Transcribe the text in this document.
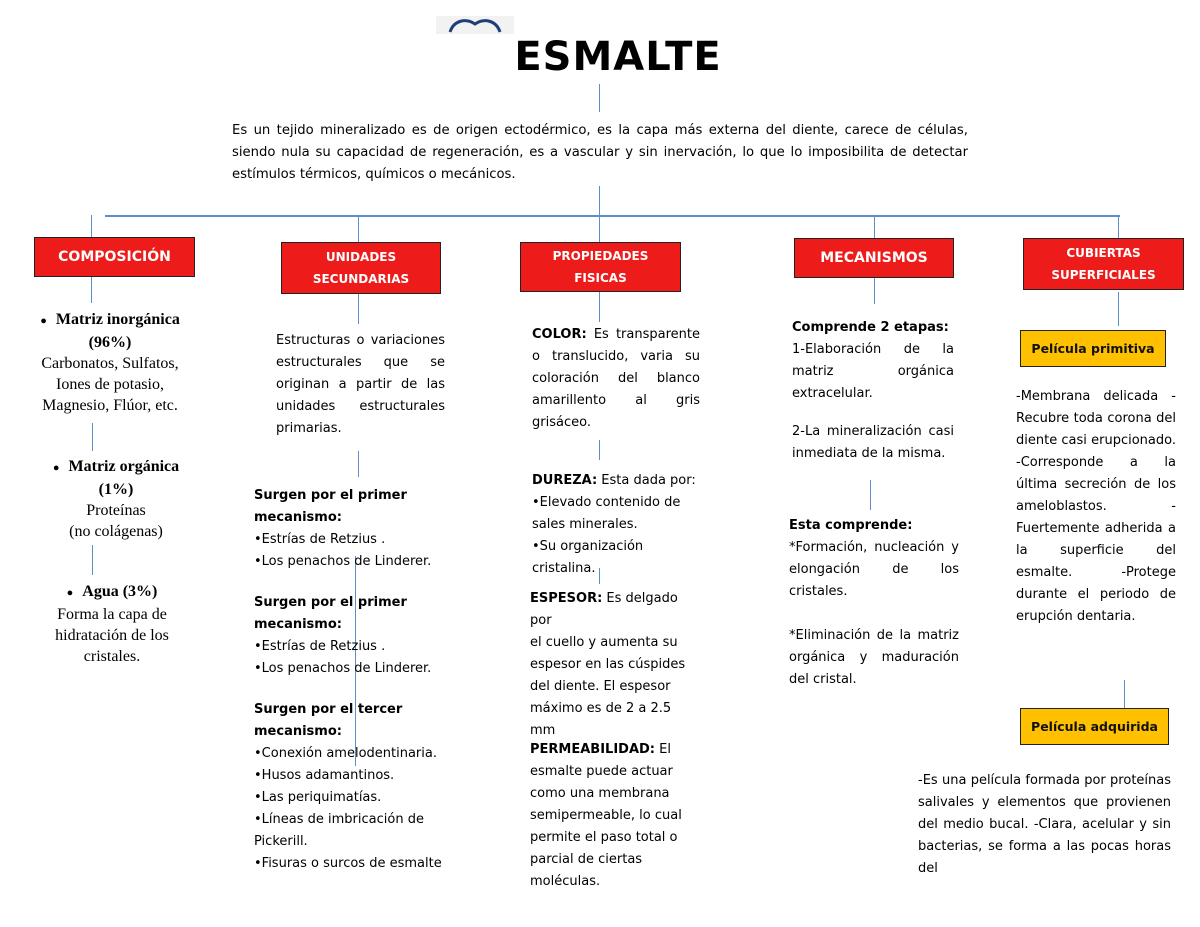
ESMALTE
Es un tejido mineralizado es de origen ectodérmico, es la capa más externa del diente, carece de células, siendo nula su capacidad de regeneración, es a vascular y sin inervación, lo que lo imposibilita de detectar estímulos térmicos, químicos o mecánicos.
COMPOSICIÓN	UNIDADES
SECUNDARIAS
PROPIEDADES
FISICAS
MECANISMOS	CUBIERTAS
SUPERFICIALES
● Matriz inorgánica
(96%)
Carbonatos, Sulfatos,
Iones de potasio,
Magnesio, Flúor, etc.
● Matriz orgánica
(1%)
Proteínas
(no colágenas)
● Agua (3%)
Forma la capa de
hidratación de los
cristales.
Estructuras o variaciones estructurales que se originan a partir de las unidades estructurales primarias.
Surgen por el primer mecanismo:
•Estrías de Retzius .
•Los penachos de Linderer.
Surgen por el primer mecanismo:
•Estrías de Retzius .
•Los penachos de Linderer.
Surgen por el tercer mecanismo:
•Conexión amelodentinaria.
•Husos adamantinos.
•Las periquimatías.
•Líneas de imbricación de
Pickerill.
•Fisuras o surcos de esmalte
COLOR: Es transparente o translucido, varia su coloración del blanco amarillento al gris grisáceo.
DUREZA: Esta dada por:
•Elevado contenido de
sales minerales.
•Su organización
cristalina.
ESPESOR: Es delgado por
el cuello y aumenta su
espesor en las cúspides
del diente. El espesor
máximo es de 2 a 2.5
mm
PERMEABILIDAD: El
esmalte puede actuar
como una membrana
semipermeable, lo cual
permite el paso total o
parcial de ciertas
moléculas.
Comprende 2 etapas:
1-Elaboración de la matriz orgánica extracelular.
2-La mineralización casi inmediata de la misma.
Esta comprende:
*Formación, nucleación y elongación de los cristales.
*Eliminación de la matriz orgánica y maduración del cristal.
Película primitiva
-Membrana delicada -Recubre toda corona del diente casi erupcionado. -Corresponde a la última secreción de los ameloblastos. -Fuertemente adherida a la superficie del esmalte. -Protege durante el periodo de erupción dentaria.
Película adquirida
-Es una película formada por proteínas salivales y elementos que provienen del medio bucal. -Clara, acelular y sin bacterias, se forma a las pocas horas del
